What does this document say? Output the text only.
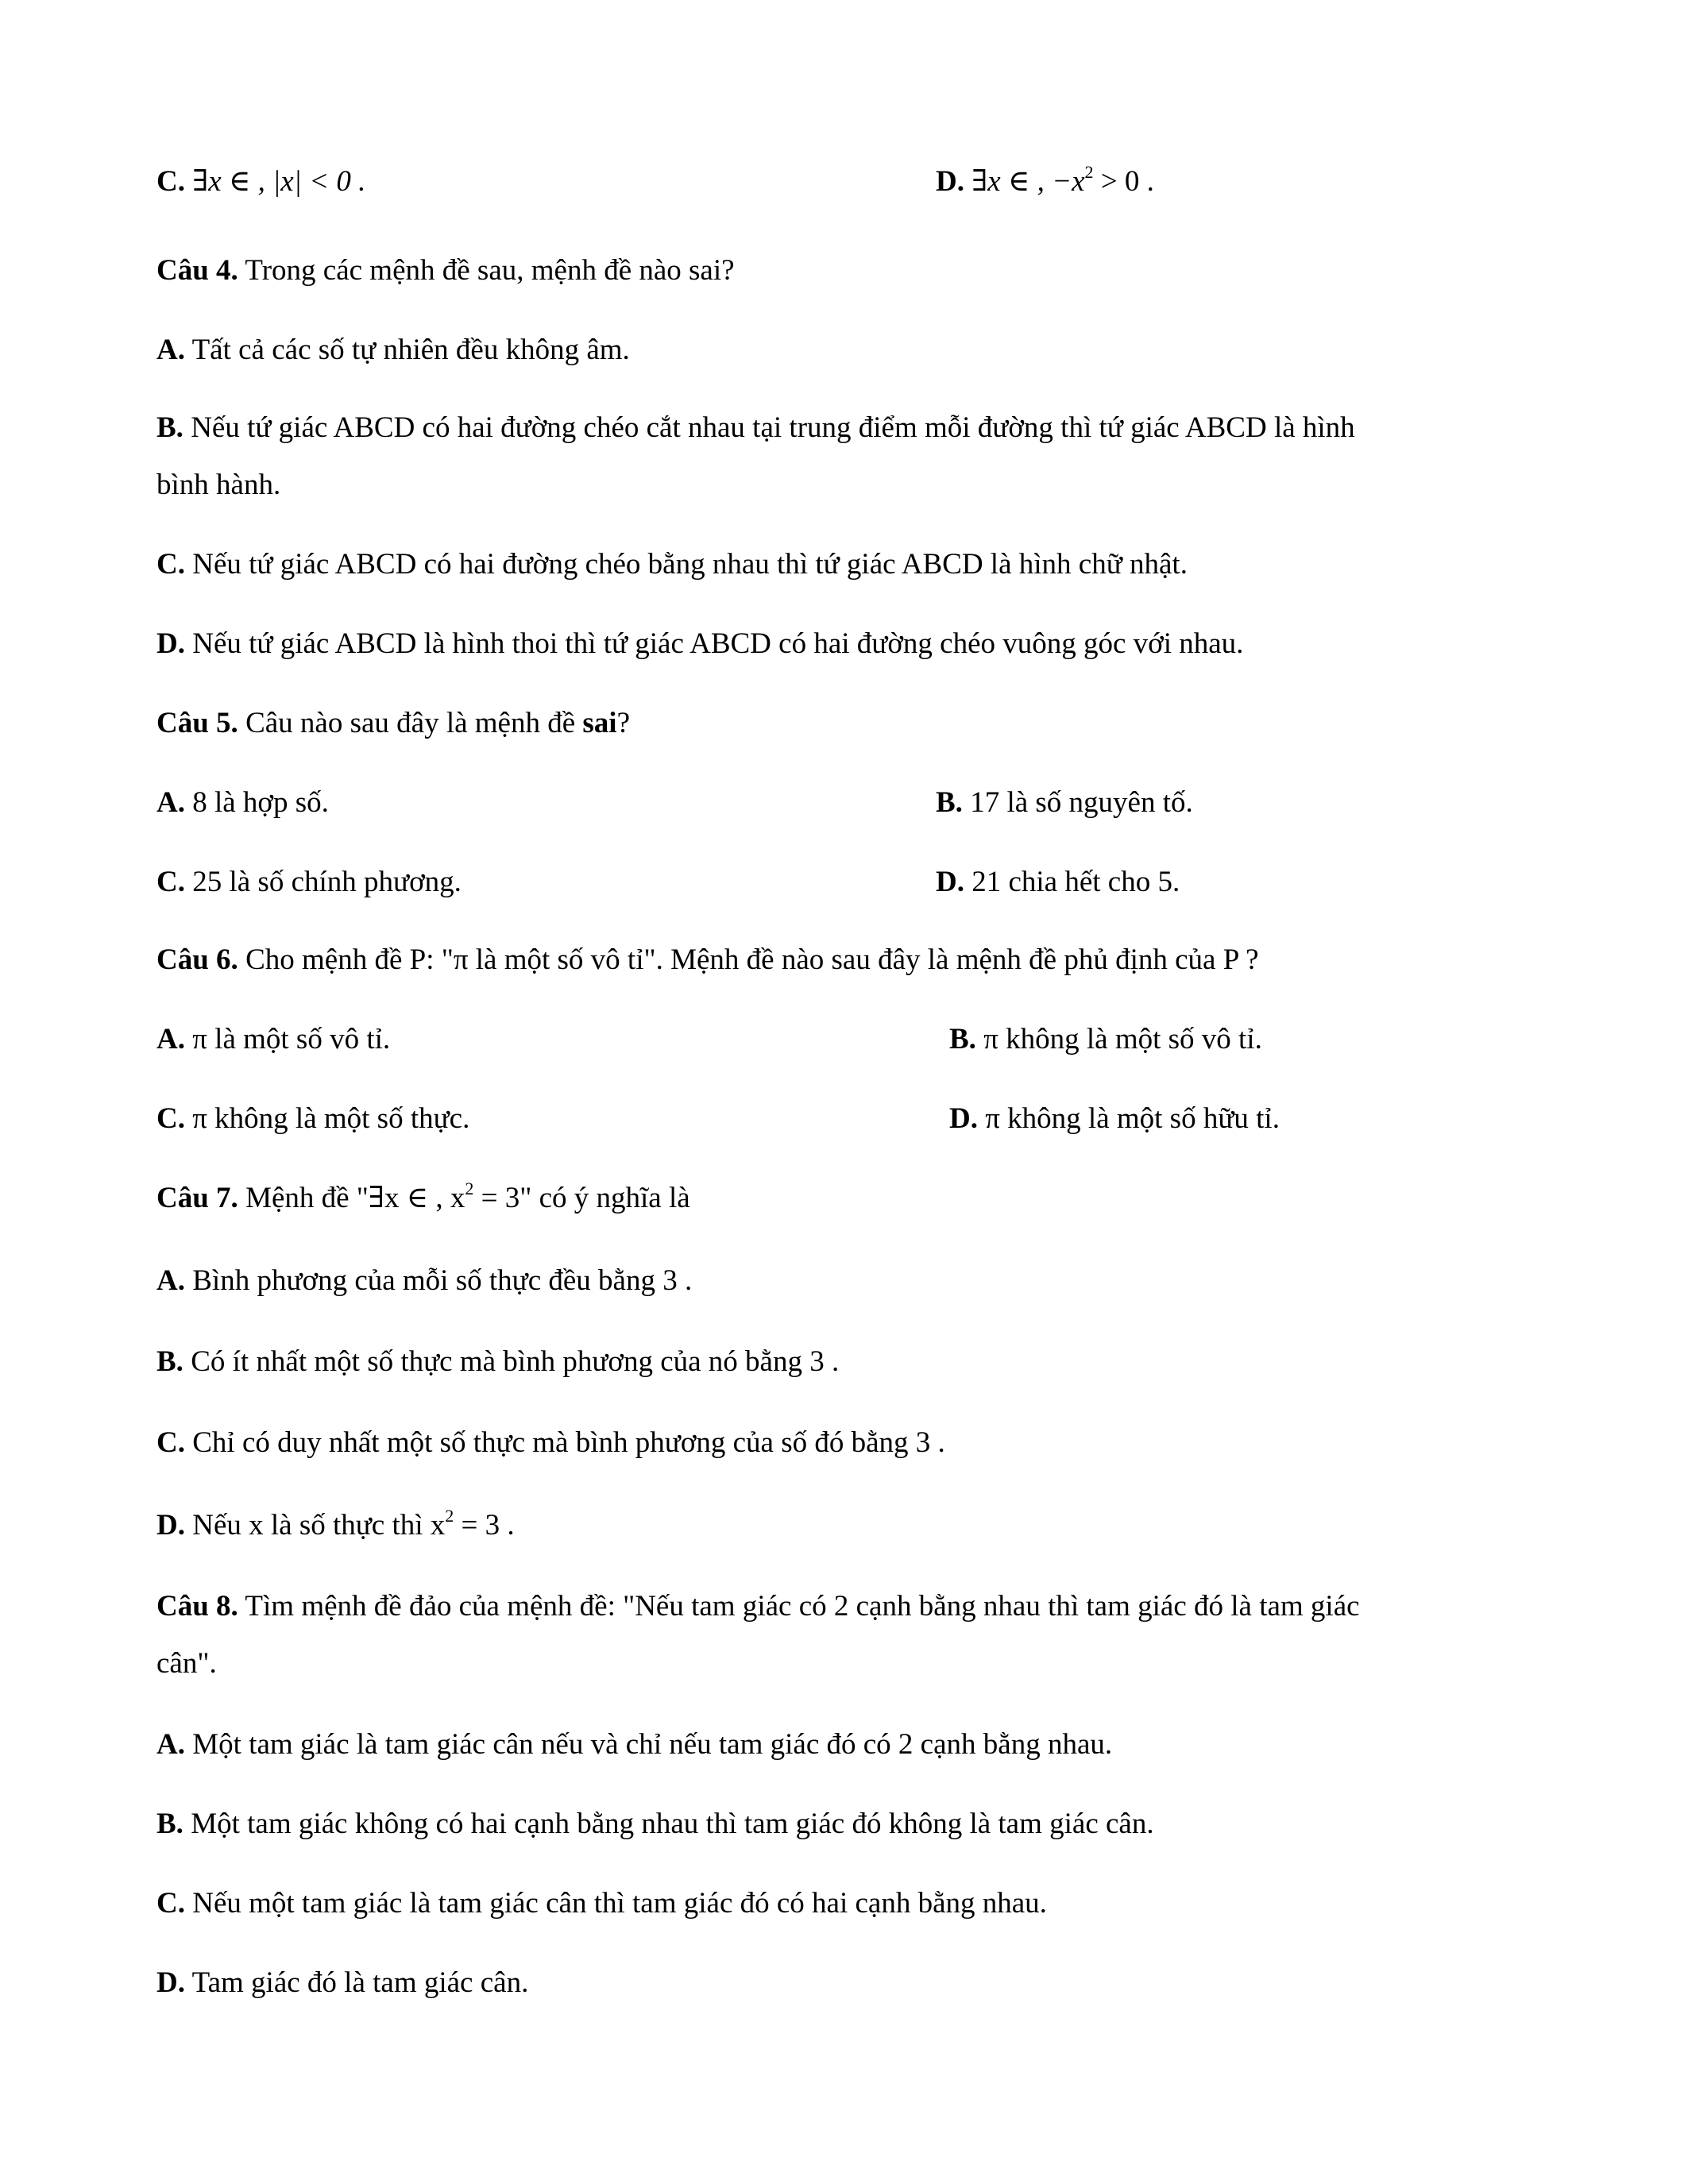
C. ∃x ∈ , |x| < 0 .	D. ∃x ∈ , $-x^2 > 0$ .
Câu 4. Trong các mệnh đề sau, mệnh đề nào sai?
A. Tất cả các số tự nhiên đều không âm.
B. Nếu tứ giác ABCD có hai đường chéo cắt nhau tại trung điểm mỗi đường thì tứ giác ABCD là hình
bình hành.
C. Nếu tứ giác ABCD có hai đường chéo bằng nhau thì tứ giác ABCD là hình chữ nhật.
D. Nếu tứ giác ABCD là hình thoi thì tứ giác ABCD có hai đường chéo vuông góc với nhau.
Câu 5. Câu nào sau đây là mệnh đề sai?
A. 8 là hợp số.	B. 17 là số nguyên tố.
C. 25 là số chính phương.	D. 21 chia hết cho 5.
Câu 6. Cho mệnh đề P: "π là một số vô tỉ". Mệnh đề nào sau đây là mệnh đề phủ định của P ?
A. π là một số vô tỉ.	B. π không là một số vô tỉ.
C. π không là một số thực.	D. π không là một số hữu tỉ.
Câu 7. Mệnh đề "∃x ∈ , $x^2 = 3$" có ý nghĩa là
A. Bình phương của mỗi số thực đều bằng 3 .
B. Có ít nhất một số thực mà bình phương của nó bằng 3 .
C. Chỉ có duy nhất một số thực mà bình phương của số đó bằng 3 .
D. Nếu x là số thực thì $x^2 = 3$ .
Câu 8. Tìm mệnh đề đảo của mệnh đề: "Nếu tam giác có 2 cạnh bằng nhau thì tam giác đó là tam giác
cân".
A. Một tam giác là tam giác cân nếu và chỉ nếu tam giác đó có 2 cạnh bằng nhau.
B. Một tam giác không có hai cạnh bằng nhau thì tam giác đó không là tam giác cân.
C. Nếu một tam giác là tam giác cân thì tam giác đó có hai cạnh bằng nhau.
D. Tam giác đó là tam giác cân.
